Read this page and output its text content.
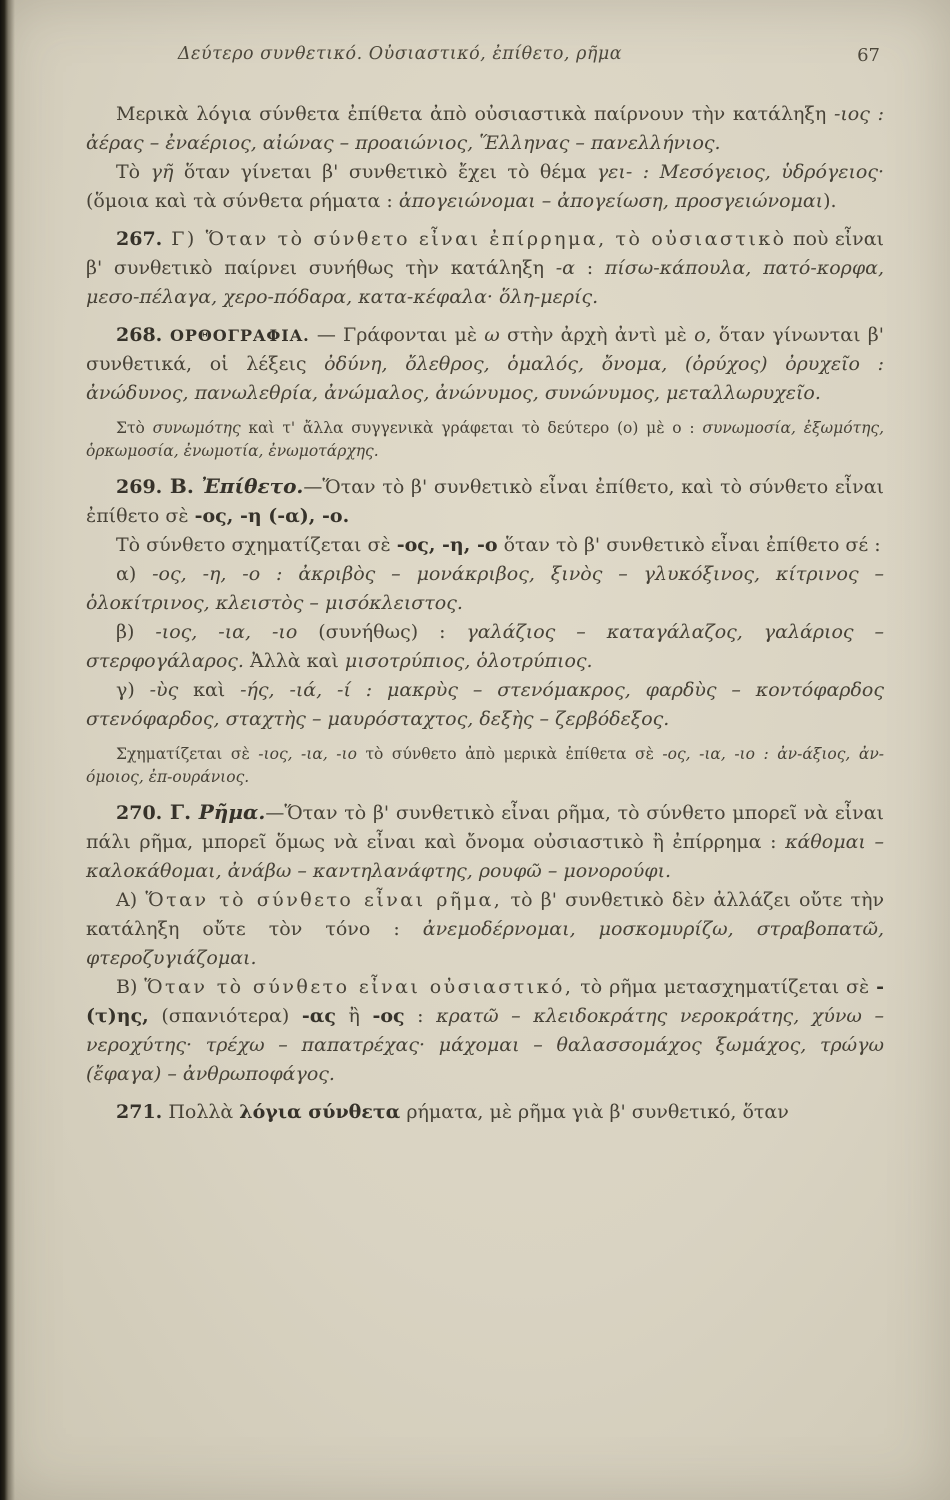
Δεύτερο συνθετικό. Οὐσιαστικό, ἐπίθετο, ρῆμα	67

Μερικὰ λόγια σύνθετα ἐπίθετα ἀπὸ οὐσιαστικὰ παίρνουν τὴν κατάληξη -ιος : ἀέρας – ἐναέριος, αἰώνας – προαιώνιος, Ἕλληνας – πανελλήνιος.

Τὸ γῆ ὅταν γίνεται β' συνθετικὸ ἔχει τὸ θέμα γει- : Μεσόγειος, ὑδρόγειος· (ὅμοια καὶ τὰ σύνθετα ρήματα : ἀπογειώνομαι – ἀπογείωση, προσγειώνομαι).

267. Γ) Ὅταν τὸ σύνθετο εἶναι ἐπίρρημα, τὸ οὐσιαστικὸ ποὺ εἶναι β' συνθετικὸ παίρνει συνήθως τὴν κατάληξη -α : πίσω-κάπουλα, πατό-κορφα, μεσο-πέλαγα, χερο-πόδαρα, κατα-κέφαλα· ὅλη-μερίς.

268. ΟΡΘΟΓΡΑΦΙΑ. — Γράφονται μὲ ω στὴν ἀρχὴ ἀντὶ μὲ ο, ὅταν γίνωνται β' συνθετικά, οἱ λέξεις ὀδύνη, ὄλεθρος, ὁμαλός, ὄνομα, (ὀρύχος) ὀρυχεῖο : ἀνώδυνος, πανωλεθρία, ἀνώμαλος, ἀνώνυμος, συνώνυμος, μεταλλωρυχεῖο.

Στὸ συνωμότης καὶ τ' ἄλλα συγγενικὰ γράφεται τὸ δεύτερο (ο) μὲ ο : συνωμοσία, ἐξωμότης, ὁρκωμοσία, ἐνωμοτία, ἐνωμοτάρχης.

269. Β. Ἐπίθετο.—Ὅταν τὸ β' συνθετικὸ εἶναι ἐπίθετο, καὶ τὸ σύνθετο εἶναι ἐπίθετο σὲ -ος, -η (-α), -ο.

Τὸ σύνθετο σχηματίζεται σὲ -ος, -η, -ο ὅταν τὸ β' συνθετικὸ εἶναι ἐπίθετο σέ :

α) -ος, -η, -ο : ἀκριβὸς – μονάκριβος, ξινὸς – γλυκόξινος, κίτρινος – ὁλοκίτρινος, κλειστὸς – μισόκλειστος.

β) -ιος, -ια, -ιο (συνήθως) : γαλάζιος – καταγάλαζος, γαλάριος – στερφογάλαρος. Ἀλλὰ καὶ μισοτρύπιος, ὁλοτρύπιος.

γ) -ὺς καὶ -ής, -ιά, -ί : μακρὺς – στενόμακρος, φαρδὺς – κοντόφαρδος στενόφαρδος, σταχτὴς – μαυρόσταχτος, δεξὴς – ζερβόδεξος.

Σχηματίζεται σὲ -ιος, -ια, -ιο τὸ σύνθετο ἀπὸ μερικὰ ἐπίθετα σὲ -ος, -ια, -ιο : ἀν-άξιος, ἀν-όμοιος, ἐπ-ουράνιος.

270. Γ. Ρῆμα.—Ὅταν τὸ β' συνθετικὸ εἶναι ρῆμα, τὸ σύνθετο μπορεῖ νὰ εἶναι πάλι ρῆμα, μπορεῖ ὅμως νὰ εἶναι καὶ ὄνομα οὐσιαστικὸ ἢ ἐπίρρημα : κάθομαι – καλοκάθομαι, ἀνάβω – καντηλανάφτης, ρουφῶ – μονορούφι.

Α) Ὅταν τὸ σύνθετο εἶναι ρῆμα, τὸ β' συνθετικὸ δὲν ἀλλάζει οὔτε τὴν κατάληξη οὔτε τὸν τόνο : ἀνεμοδέρνομαι, μοσκομυρίζω, στραβοπατῶ, φτεροζυγιάζομαι.

Β) Ὅταν τὸ σύνθετο εἶναι οὐσιαστικό, τὸ ρῆμα μετασχηματίζεται σὲ -(τ)ης, (σπανιότερα) -ας ἢ -ος : κρατῶ – κλειδοκράτης νεροκράτης, χύνω – νεροχύτης· τρέχω – παπατρέχας· μάχομαι – θαλασσομάχος ξωμάχος, τρώγω (ἔφαγα) – ἀνθρωποφάγος.

271. Πολλὰ λόγια σύνθετα ρήματα, μὲ ρῆμα γιὰ β' συνθετικό, ὅταν
